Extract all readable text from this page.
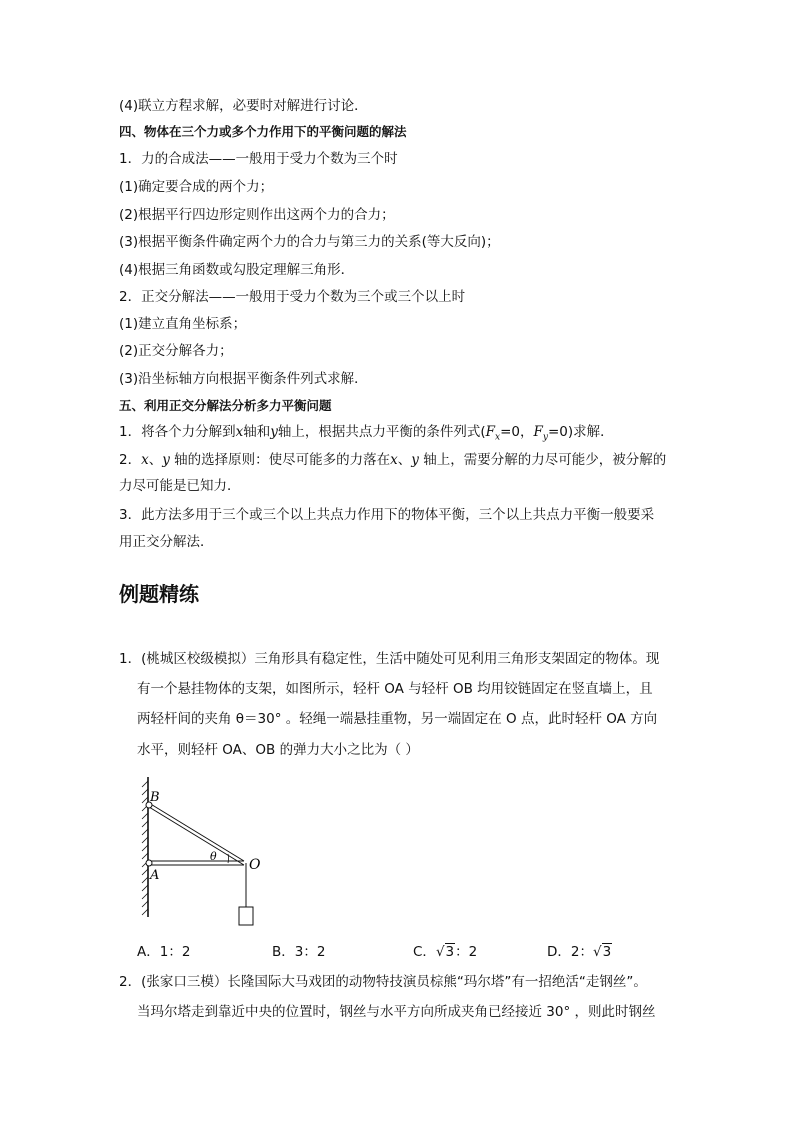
(4)联立方程求解，必要时对解进行讨论．
四、物体在三个力或多个力作用下的平衡问题的解法
1．力的合成法——一般用于受力个数为三个时
(1)确定要合成的两个力；
(2)根据平行四边形定则作出这两个力的合力；
(3)根据平衡条件确定两个力的合力与第三力的关系(等大反向)；
(4)根据三角函数或勾股定理解三角形．
2．正交分解法——一般用于受力个数为三个或三个以上时
(1)建立直角坐标系；
(2)正交分解各力；
(3)沿坐标轴方向根据平衡条件列式求解．
五、利用正交分解法分析多力平衡问题
1．将各个力分解到x轴和y轴上，根据共点力平衡的条件列式($F_x=0$，$F_y=0$)求解．
2．x、y 轴的选择原则：使尽可能多的力落在x、y 轴上，需要分解的力尽可能少，被分解的
力尽可能是已知力．
3．此方法多用于三个或三个以上共点力作用下的物体平衡，三个以上共点力平衡一般要采
用正交分解法．
例题精练
1．(桃城区校级模拟）三角形具有稳定性，生活中随处可见利用三角形支架固定的物体。现
有一个悬挂物体的支架，如图所示，轻杆 OA 与轻杆 OB 均用铰链固定在竖直墙上，且
两轻杆间的夹角 θ＝30° 。轻绳一端悬挂重物，另一端固定在 O 点，此时轻杆 OA 方向
水平，则轻杆 OA、OB 的弹力大小之比为（ ）
B
A
O
θ
A．1：2	B．3：2	C．√3：2	D．2：√3
2．(张家口三模）长隆国际大马戏团的动物特技演员棕熊“玛尔塔”有一招绝活“走钢丝”。
当玛尔塔走到靠近中央的位置时，钢丝与水平方向所成夹角已经接近 30° ，则此时钢丝
